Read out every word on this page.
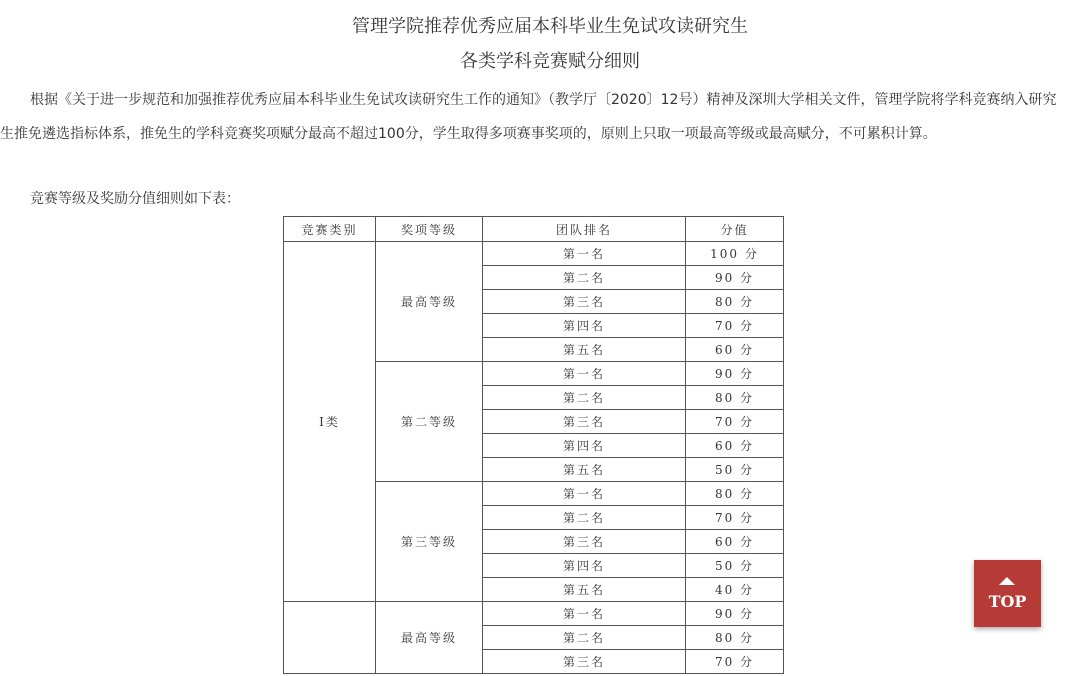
管理学院推荐优秀应届本科毕业生免试攻读研究生
各类学科竞赛赋分细则

根据《关于进一步规范和加强推荐优秀应届本科毕业生免试攻读研究生工作的通知》（教学厅〔2020〕12号）精神及深圳大学相关文件，管理学院将学科竞赛纳入研究生推免遴选指标体系，推免生的学科竞赛奖项赋分最高不超过100分，学生取得多项赛事奖项的，原则上只取一项最高等级或最高赋分，不可累积计算。

竞赛等级及奖励分值细则如下表：
竞赛类别	奖项等级	团队排名	分值
I类	最高等级	第一名	100 分
		第二名	90 分
		第三名	80 分
		第四名	70 分
		第五名	60 分
	第二等级	第一名	90 分
		第二名	80 分
		第三名	70 分
		第四名	60 分
		第五名	50 分
	第三等级	第一名	80 分
		第二名	70 分
		第三名	60 分
		第四名	50 分
		第五名	40 分
	最高等级	第一名	90 分
		第二名	80 分
		第三名	70 分
TOP
